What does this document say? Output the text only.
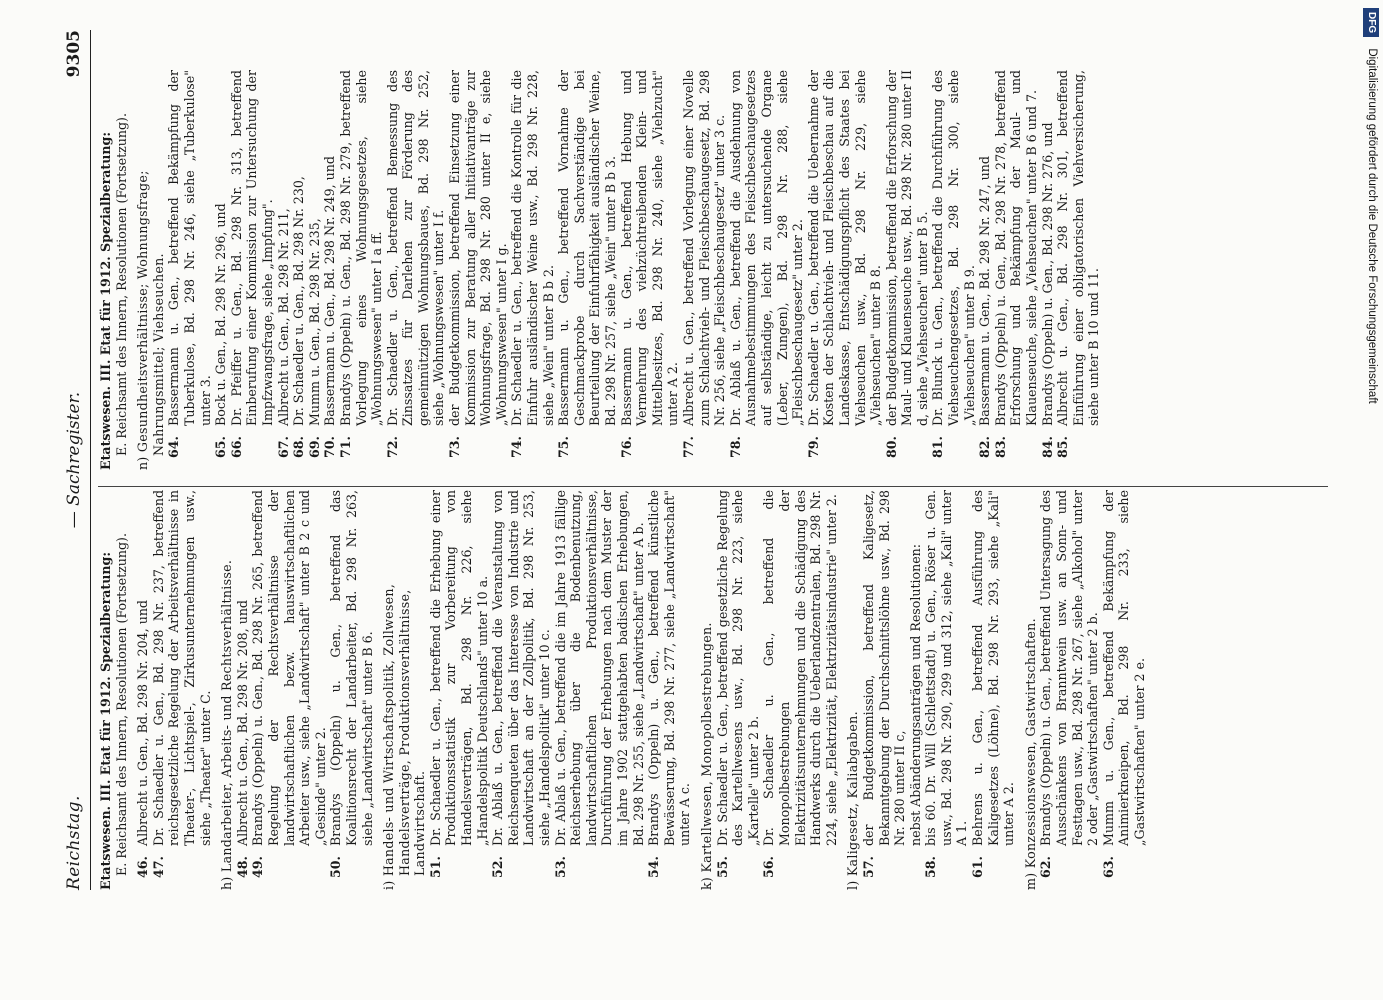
Reichstag.
— Sachregister.
9305
Etatswesen. III. Etat für 1912. Spezialberatung: E. Reichsamt des Innern, Resolutionen (Fortsetzung). 46.
Albrecht u. Gen., Bd. 298 Nr. 204, und
47.
Dr. Schaedler u. Gen., Bd. 298 Nr. 237, betreffend reichsgesetzliche Regelung der Arbeitsverhältnisse in Theater-, Lichtspiel-, Zirkusunternehmungen usw., siehe „Theater" unter C. h) Landarbeiter, Arbeits- und Rechtsverhältnisse. 48.
Albrecht u. Gen., Bd. 298 Nr. 208, und
49.
Brandys (Oppeln) u. Gen., Bd. 298 Nr. 265, betreffend Regelung der Rechtsverhältnisse der landwirtschaftlichen bezw. hauswirtschaftlichen Arbeiter usw., siehe „Landwirtschaft" unter B 2 c und „Gesinde" unter 2.
50.
Brandys (Oppeln) u. Gen., betreffend das Koalitionsrecht der Landarbeiter, Bd. 298 Nr. 263, siehe „Landwirtschaft" unter B 6. i) Handels- und Wirtschaftspolitik, Zollwesen, Handelsverträge, Produktionsverhältnisse, Landwirtschaft. 51.
Dr. Schaedler u. Gen., betreffend die Erhebung einer Produktionsstatistik zur Vorbereitung von Handelsverträgen, Bd. 298 Nr. 226, siehe „Handelspolitik Deutschlands" unter 10 a.
52.
Dr. Ablaß u. Gen., betreffend die Veranstaltung von Reichsenqueten über das Interesse von Industrie und Landwirtschaft an der Zollpolitik, Bd. 298 Nr. 253, siehe „Handelspolitik" unter 10 c.
53.
Dr. Ablaß u. Gen., betreffend die im Jahre 1913 fällige Reichserhebung über die Bodenbenutzung, landwirtschaftlichen Produktionsverhältnisse, Durchführung der Erhebungen nach dem Muster der im Jahre 1902 stattgehabten badischen Erhebungen, Bd. 298 Nr. 255, siehe „Landwirtschaft" unter A b.
54.
Brandys (Oppeln) u. Gen., betreffend künstliche Bewässerung, Bd. 298 Nr. 277, siehe „Landwirtschaft" unter A c. k) Kartellwesen, Monopolbestrebungen. 55.
Dr. Schaedler u. Gen., betreffend gesetzliche Regelung des Kartellwesens usw., Bd. 298 Nr. 223, siehe „Kartelle" unter 2 b.
56.
Dr. Schaedler u. Gen., betreffend die Monopolbestrebungen der Elektrizitätsunternehmungen und die Schädigung des Handwerks durch die Ueberlandzentralen, Bd. 298 Nr. 224, siehe „Elektrizität, Elektrizitätsindustrie" unter 2. l) Kaligesetz, Kaliabgaben. 57.
der Budgetkommission, betreffend Kaligesetz, Bekanntgebung der Durchschnittslöhne usw., Bd. 298 Nr. 280 unter II c, nebst Abänderungsanträgen und Resolutionen:
58.
bis 60. Dr. Will (Schlettstadt) u. Gen., Röser u. Gen. usw., Bd. 298 Nr. 290, 299 und 312, siehe „Kali" unter A 1.
61.
Behrens u. Gen., betreffend Ausführung des Kaligesetzes (Löhne), Bd. 298 Nr. 293, siehe „Kali" unter A 2. m) Konzessionswesen, Gastwirtschaften. 62.
Brandys (Oppeln) u. Gen., betreffend Untersagung des Ausschänkens von Branntwein usw. an Sonn- und Festtagen usw., Bd. 298 Nr. 267, siehe „Alkohol" unter 2 oder „Gastwirtschaften" unter 2 b.
63.
Mumm u. Gen., betreffend Bekämpfung der Animierkneipen, Bd. 298 Nr. 233, siehe „Gastwirtschaften" unter 2 e.
Etatswesen. III. Etat für 1912. Spezialberatung: E. Reichsamt des Innern, Resolutionen (Fortsetzung). n) Gesundheitsverhältnisse; Wohnungsfrage; Nahrungsmittel; Viehseuchen. 64.
Bassermann u. Gen., betreffend Bekämpfung der Tuberkulose, Bd. 298 Nr. 246, siehe „Tuberkulose" unter 3.
65.
Bock u. Gen., Bd. 298 Nr. 296, und
66.
Dr. Pfeiffer u. Gen., Bd. 298 Nr. 313, betreffend Einberufung einer Kommission zur Untersuchung der Impfzwangsfrage, siehe „Impfung".
67.
Albrecht u. Gen., Bd. 298 Nr. 211,
68.
Dr. Schaedler u. Gen., Bd. 298 Nr. 230,
69.
Mumm u. Gen., Bd. 298 Nr. 235,
70.
Bassermann u. Gen., Bd. 298 Nr. 249, und
71.
Brandys (Oppeln) u. Gen., Bd. 298 Nr. 279, betreffend Vorlegung eines Wohnungsgesetzes, siehe „Wohnungswesen" unter I a ff.
72.
Dr. Schaedler u. Gen., betreffend Bemessung des Zinssatzes für Darlehen zur Förderung des gemeinnützigen Wohnungsbaues, Bd. 298 Nr. 252, siehe „Wohnungswesen" unter I f.
73.
der Budgetkommission, betreffend Einsetzung einer Kommission zur Beratung aller Initiativanträge zur Wohnungsfrage, Bd. 298 Nr. 280 unter II e, siehe „Wohnungswesen" unter I g.
74.
Dr. Schaedler u. Gen., betreffend die Kontrolle für die Einfuhr ausländischer Weine usw., Bd. 298 Nr. 228, siehe „Wein" unter B b 2.
75.
Bassermann u. Gen., betreffend Vornahme der Geschmackprobe durch Sachverständige bei Beurteilung der Einfuhrfähigkeit ausländischer Weine, Bd. 298 Nr. 257, siehe „Wein" unter B b 3.
76.
Bassermann u. Gen., betreffend Hebung und Vermehrung des viehzüchtreibenden Klein- und Mittelbesitzes, Bd. 298 Nr. 240, siehe „Viehzucht" unter A 2.
77.
Albrecht u. Gen., betreffend Vorlegung einer Novelle zum Schlachtvieh- und Fleischbeschaugesetz, Bd. 298 Nr. 256, siehe „Fleischbeschaugesetz" unter 3 c.
78.
Dr. Ablaß u. Gen., betreffend die Ausdehnung von Ausnahmebestimmungen des Fleischbeschaugesetzes auf selbständige, leicht zu untersuchende Organe (Leber, Zungen), Bd. 298 Nr. 288, siehe „Fleischbeschaugesetz" unter 2.
79.
Dr. Schaedler u. Gen., betreffend die Uebernahme der Kosten der Schlachtvieh- und Fleischbeschau auf die Landeskasse, Entschädigungspflicht des Staates bei Viehseuchen usw., Bd. 298 Nr. 229, siehe „Viehseuchen" unter B 8.
80.
der Budgetkommission, betreffend die Erforschung der Maul- und Klauenseuche usw., Bd. 298 Nr. 280 unter II d, siehe „Viehseuchen" unter B 5.
81.
Dr. Blunck u. Gen., betreffend die Durchführung des Viehseuchengesetzes, Bd. 298 Nr. 300, siehe „Viehseuchen" unter B 9.
82.
Bassermann u. Gen., Bd. 298 Nr. 247, und
83.
Brandys (Oppeln) u. Gen., Bd. 298 Nr. 278, betreffend Erforschung und Bekämpfung der Maul- und Klauenseuche, siehe „Viehseuchen" unter B 6 und 7.
84.
Brandys (Oppeln) u. Gen., Bd. 298 Nr. 276, und
85.
Albrecht u. Gen., Bd. 298 Nr. 301, betreffend Einführung einer obligatorischen Viehversicherung, siehe unter B 10 und 11.
DFG Digitalisierung gefördert durch die Deutsche Forschungsgemeinschaft
